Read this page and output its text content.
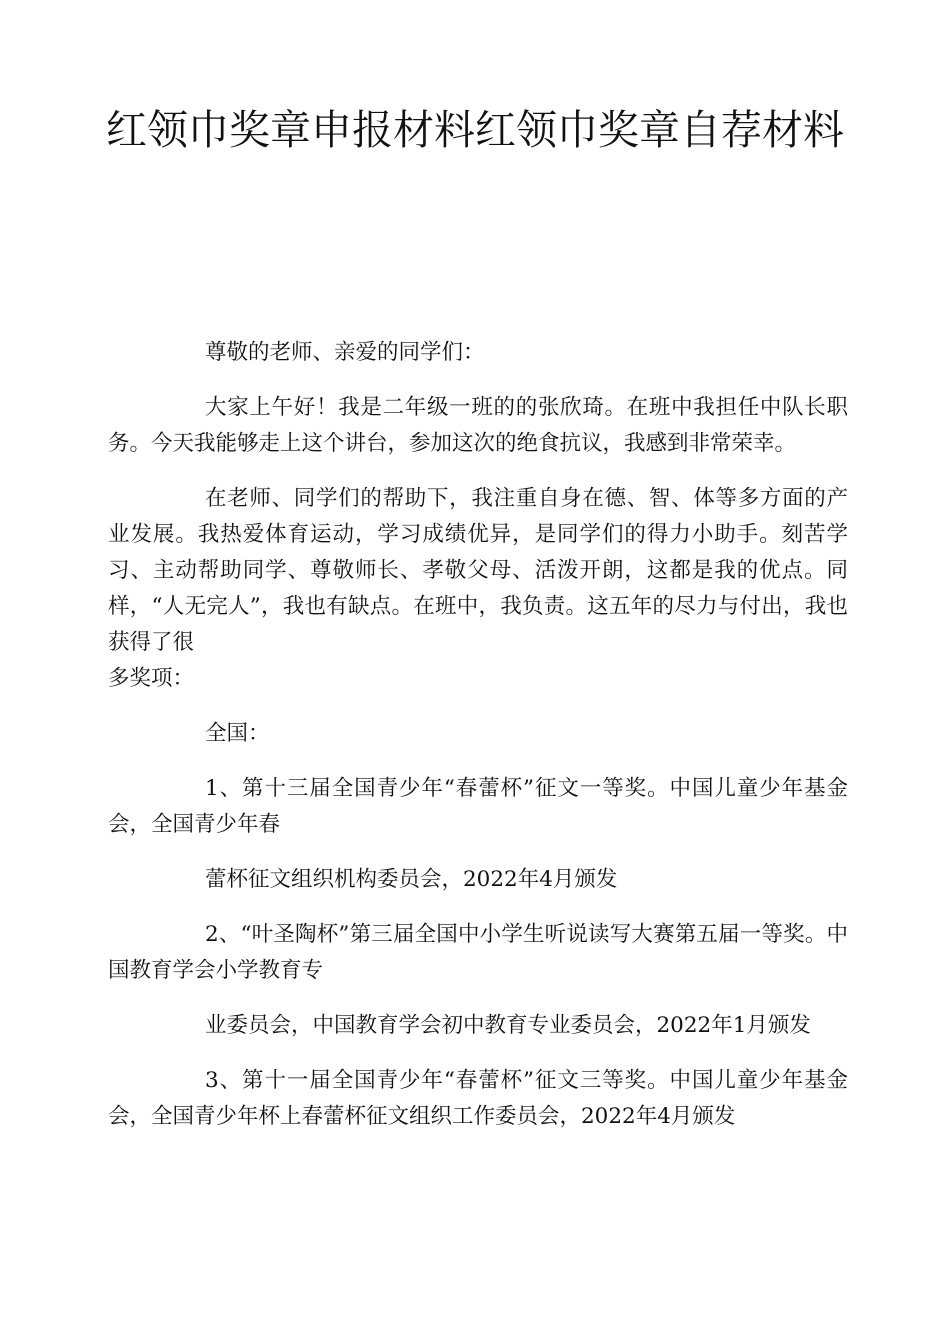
红领巾奖章申报材料红领巾奖章自荐材料

尊敬的老师、亲爱的同学们：

大家上午好！我是二年级一班的的张欣琦。在班中我担任中队长职务。今天我能够走上这个讲台，参加这次的绝食抗议，我感到非常荣幸。

在老师、同学们的帮助下，我注重自身在德、智、体等多方面的产业发展。我热爱体育运动，学习成绩优异，是同学们的得力小助手。刻苦学习、主动帮助同学、尊敬师长、孝敬父母、活泼开朗，这都是我的优点。同样，“人无完人”，我也有缺点。在班中，我负责。这五年的尽力与付出，我也获得了很

多奖项：

全国：

1、第十三届全国青少年“春蕾杯”征文一等奖。中国儿童少年基金会，全国青少年春

蕾杯征文组织机构委员会，2022年4月颁发

2、“叶圣陶杯”第三届全国中小学生听说读写大赛第五届一等奖。中国教育学会小学教育专

业委员会，中国教育学会初中教育专业委员会，2022年1月颁发

3、第十一届全国青少年“春蕾杯”征文三等奖。中国儿童少年基金会，全国青少年杯上春蕾杯征文组织工作委员会，2022年4月颁发
